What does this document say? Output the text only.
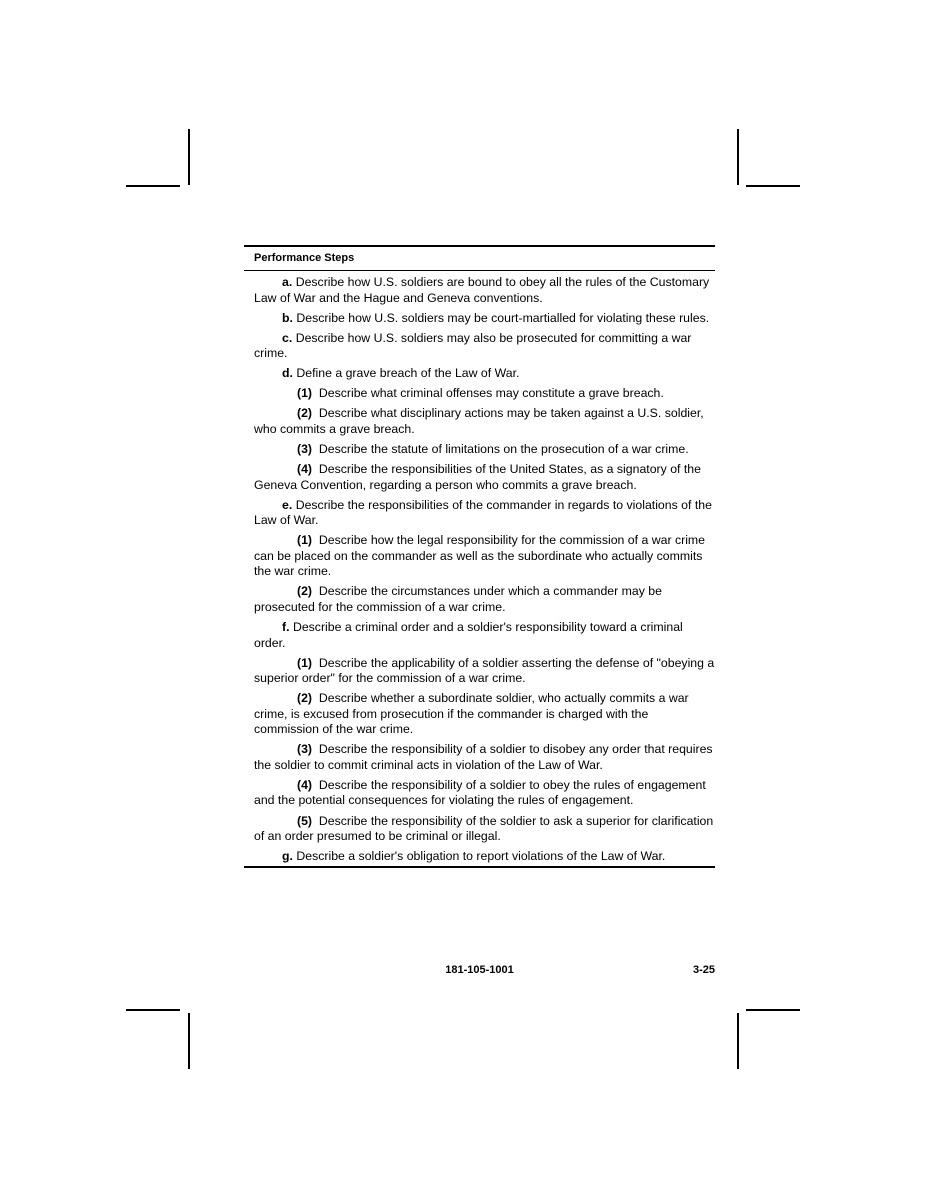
Performance Steps
a. Describe how U.S. soldiers are bound to obey all the rules of the Customary Law of War and the Hague and Geneva conventions.
b. Describe how U.S. soldiers may be court-martialled for violating these rules.
c. Describe how U.S. soldiers may also be prosecuted for committing a war crime.
d. Define a grave breach of the Law of War.
(1) Describe what criminal offenses may constitute a grave breach.
(2) Describe what disciplinary actions may be taken against a U.S. soldier, who commits a grave breach.
(3) Describe the statute of limitations on the prosecution of a war crime.
(4) Describe the responsibilities of the United States, as a signatory of the Geneva Convention, regarding a person who commits a grave breach.
e. Describe the responsibilities of the commander in regards to violations of the Law of War.
(1) Describe how the legal responsibility for the commission of a war crime can be placed on the commander as well as the subordinate who actually commits the war crime.
(2) Describe the circumstances under which a commander may be prosecuted for the commission of a war crime.
f. Describe a criminal order and a soldier's responsibility toward a criminal order.
(1) Describe the applicability of a soldier asserting the defense of "obeying a superior order" for the commission of a war crime.
(2) Describe whether a subordinate soldier, who actually commits a war crime, is excused from prosecution if the commander is charged with the commission of the war crime.
(3) Describe the responsibility of a soldier to disobey any order that requires the soldier to commit criminal acts in violation of the Law of War.
(4) Describe the responsibility of a soldier to obey the rules of engagement and the potential consequences for violating the rules of engagement.
(5) Describe the responsibility of the soldier to ask a superior for clarification of an order presumed to be criminal or illegal.
g. Describe a soldier's obligation to report violations of the Law of War.
181-105-1001	3-25
